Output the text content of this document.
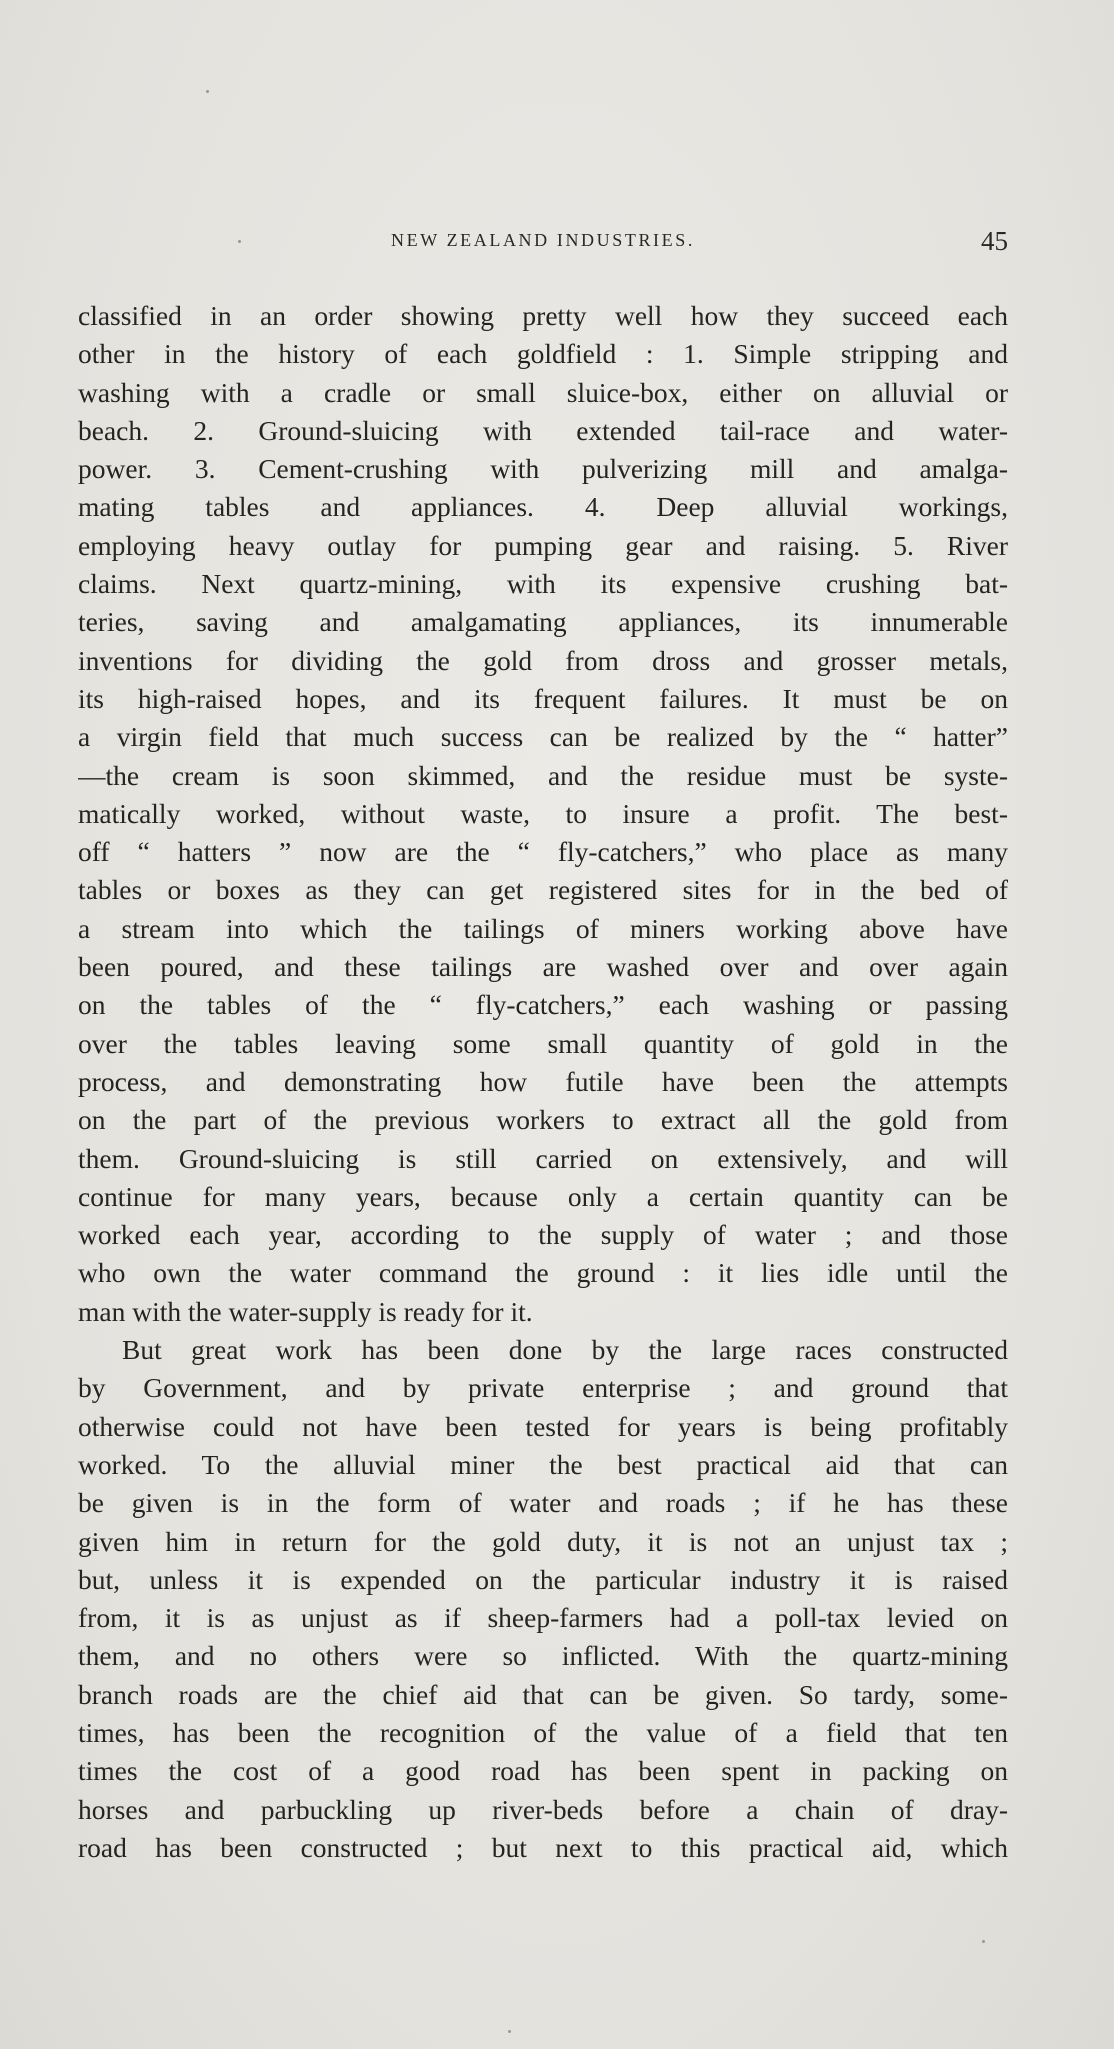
NEW ZEALAND INDUSTRIES.	45
classified in an order showing pretty well how they succeed each
other in the history of each goldfield : 1. Simple stripping and
washing with a cradle or small sluice-box, either on alluvial or
beach. 2. Ground-sluicing with extended tail-race and water-
power. 3. Cement-crushing with pulverizing mill and amalga-
mating tables and appliances. 4. Deep alluvial workings,
employing heavy outlay for pumping gear and raising. 5. River
claims. Next quartz-mining, with its expensive crushing bat-
teries, saving and amalgamating appliances, its innumerable
inventions for dividing the gold from dross and grosser metals,
its high-raised hopes, and its frequent failures. It must be on
a virgin field that much success can be realized by the “ hatter”
—the cream is soon skimmed, and the residue must be syste-
matically worked, without waste, to insure a profit. The best-
off “ hatters ” now are the “ fly-catchers,” who place as many
tables or boxes as they can get registered sites for in the bed of
a stream into which the tailings of miners working above have
been poured, and these tailings are washed over and over again
on the tables of the “ fly-catchers,” each washing or passing
over the tables leaving some small quantity of gold in the
process, and demonstrating how futile have been the attempts
on the part of the previous workers to extract all the gold from
them. Ground-sluicing is still carried on extensively, and will
continue for many years, because only a certain quantity can be
worked each year, according to the supply of water ; and those
who own the water command the ground : it lies idle until the
man with the water-supply is ready for it.
But great work has been done by the large races constructed
by Government, and by private enterprise ; and ground that
otherwise could not have been tested for years is being profitably
worked. To the alluvial miner the best practical aid that can
be given is in the form of water and roads ; if he has these
given him in return for the gold duty, it is not an unjust tax ;
but, unless it is expended on the particular industry it is raised
from, it is as unjust as if sheep-farmers had a poll-tax levied on
them, and no others were so inflicted. With the quartz-mining
branch roads are the chief aid that can be given. So tardy, some-
times, has been the recognition of the value of a field that ten
times the cost of a good road has been spent in packing on
horses and parbuckling up river-beds before a chain of dray-
road has been constructed ; but next to this practical aid, which
